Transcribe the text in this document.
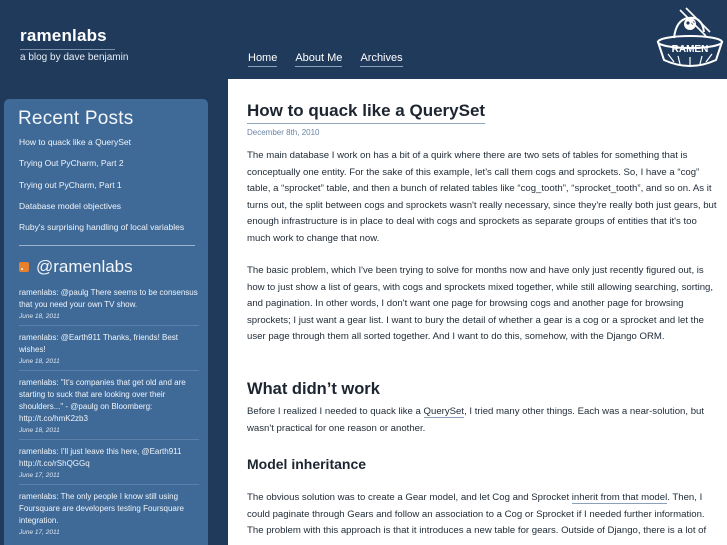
ramenlabs
a blog by dave benjamin	Home About Me Archives
RAMEN
Recent Posts
How to quack like a QuerySet
Trying Out PyCharm, Part 2
Trying out PyCharm, Part 1
Database model objectives
Ruby's surprising handling of local variables
@ramenlabs
ramenlabs: @paulg There seems to be consensus that you need your own TV show.
June 18, 2011
ramenlabs: @Earth911 Thanks, friends! Best wishes!
June 18, 2011
ramenlabs: "It's companies that get old and are starting to suck that are looking over their shoulders..." - @paulg on Bloomberg: http://t.co/hmK2zb3
June 18, 2011
ramenlabs: I'll just leave this here, @Earth911 http://t.co/rShQGGq
June 17, 2011
ramenlabs: The only people I know still using Foursquare are developers testing Foursquare integration.
June 17, 2011
How to quack like a QuerySet
December 8th, 2010
The main database I work on has a bit of a quirk where there are two sets of tables for something that is conceptually one entity. For the sake of this example, let's call them cogs and sprockets. So, I have a “cog” table, a “sprocket” table, and then a bunch of related tables like “cog_tooth”, “sprocket_tooth”, and so on. As it turns out, the split between cogs and sprockets wasn't really necessary, since they're really both just gears, but enough infrastructure is in place to deal with cogs and sprockets as separate groups of entities that it's too much work to change that now.
The basic problem, which I've been trying to solve for months now and have only just recently figured out, is how to just show a list of gears, with cogs and sprockets mixed together, while still allowing searching, sorting, and pagination. In other words, I don't want one page for browsing cogs and another page for browsing sprockets; I just want a gear list. I want to bury the detail of whether a gear is a cog or a sprocket and let the user page through them all sorted together. And I want to do this, somehow, with the Django ORM.
What didn’t work
Before I realized I needed to quack like a QuerySet, I tried many other things. Each was a near-solution, but wasn't practical for one reason or another.
Model inheritance
The obvious solution was to create a Gear model, and let Cog and Sprocket inherit from that model. Then, I could paginate through Gears and follow an association to a Cog or Sprocket if I needed further information. The problem with this approach is that it introduces a new table for gears. Outside of Django, there is a lot of
